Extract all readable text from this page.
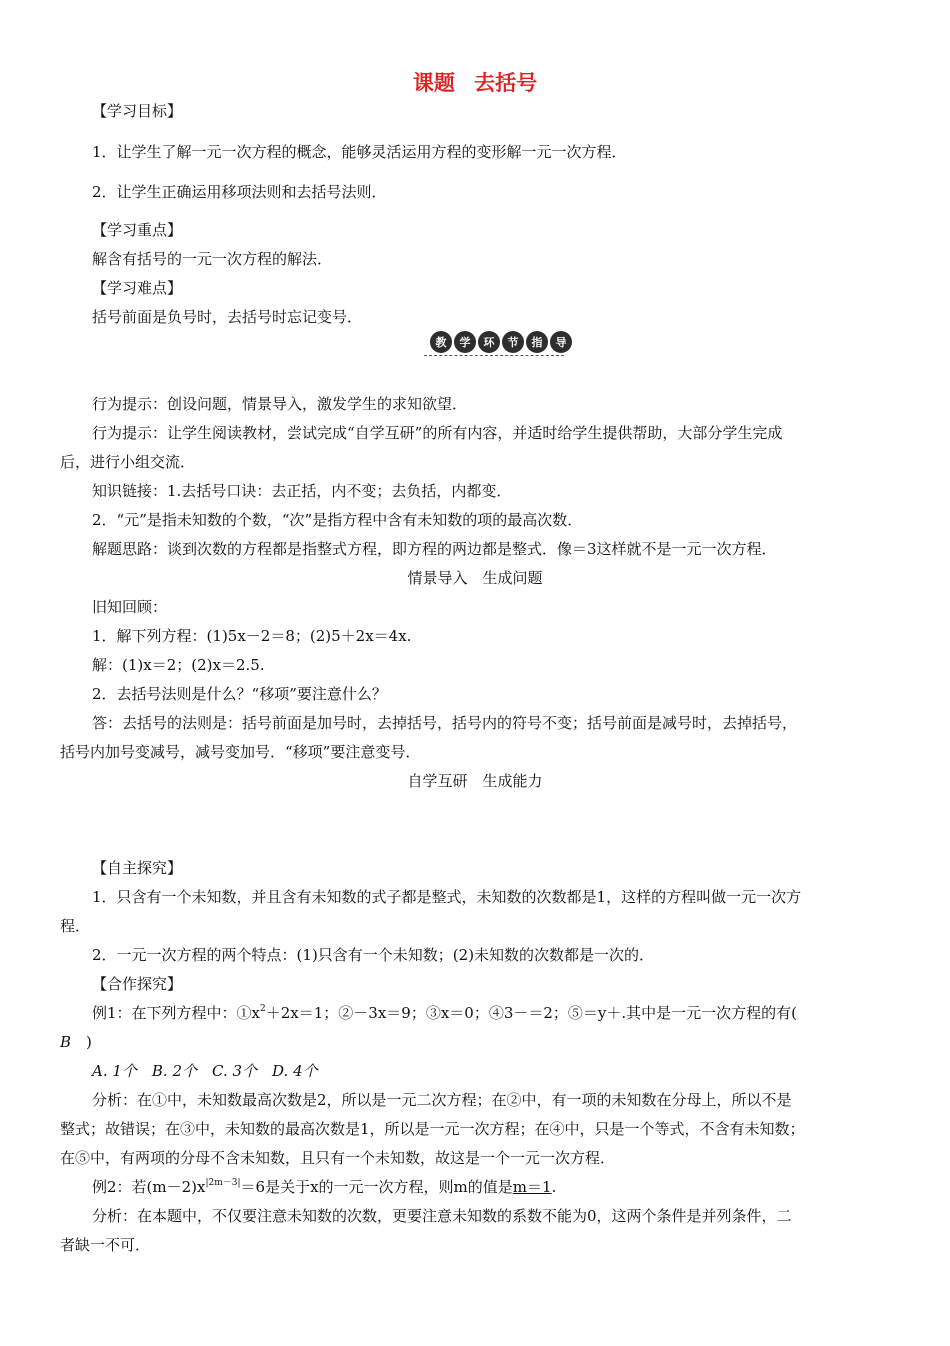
课题 去括号
【学习目标】
1．让学生了解一元一次方程的概念，能够灵活运用方程的变形解一元一次方程．
2．让学生正确运用移项法则和去括号法则．
【学习重点】
解含有括号的一元一次方程的解法．
【学习难点】
括号前面是负号时，去括号时忘记变号．
教	学	环	节	指	导
行为提示：创设问题，情景导入，激发学生的求知欲望．
行为提示：让学生阅读教材，尝试完成“自学互研”的所有内容，并适时给学生提供帮助，大部分学生完成
后，进行小组交流．
知识链接：1.去括号口诀：去正括，内不变；去负括，内都变．
2．“元”是指未知数的个数，“次”是指方程中含有未知数的项的最高次数．
解题思路：谈到次数的方程都是指整式方程，即方程的两边都是整式．像＝3这样就不是一元一次方程．
情景导入　生成问题
旧知回顾：
1．解下列方程：(1)5x－2＝8；(2)5＋2x＝4x.
解：(1)x＝2；(2)x＝2.5.
2．去括号法则是什么？“移项”要注意什么？
答：去括号的法则是：括号前面是加号时，去掉括号，括号内的符号不变；括号前面是减号时，去掉括号，
括号内加号变减号，减号变加号．“移项”要注意变号．
自学互研　生成能力
【自主探究】
1．只含有一个未知数，并且含有未知数的式子都是整式，未知数的次数都是1，这样的方程叫做一元一次方
程．
2．一元一次方程的两个特点：(1)只含有一个未知数；(2)未知数的次数都是一次的．
【合作探究】
例1：在下列方程中：$①x^2+2x=1$；②－3x＝9；③x＝0；④3－＝2；⑤＝y＋.其中是一元一次方程的有(
B　)
A. 1个　B. 2个　C. 3个　D. 4个
分析：在①中，未知数最高次数是2，所以是一元二次方程；在②中，有一项的未知数在分母上，所以不是
整式；故错误；在③中，未知数的最高次数是1，所以是一元一次方程；在④中，只是一个等式，不含有未知数；
在⑤中，有两项的分母不含未知数，且只有一个未知数，故这是一个一元一次方程．
例2：若$(m-2)x^{|2m-3|}=6$是关于x的一元一次方程，则m的值是m＝1.
分析：在本题中，不仅要注意未知数的次数，更要注意未知数的系数不能为0，这两个条件是并列条件，二
者缺一不可．
